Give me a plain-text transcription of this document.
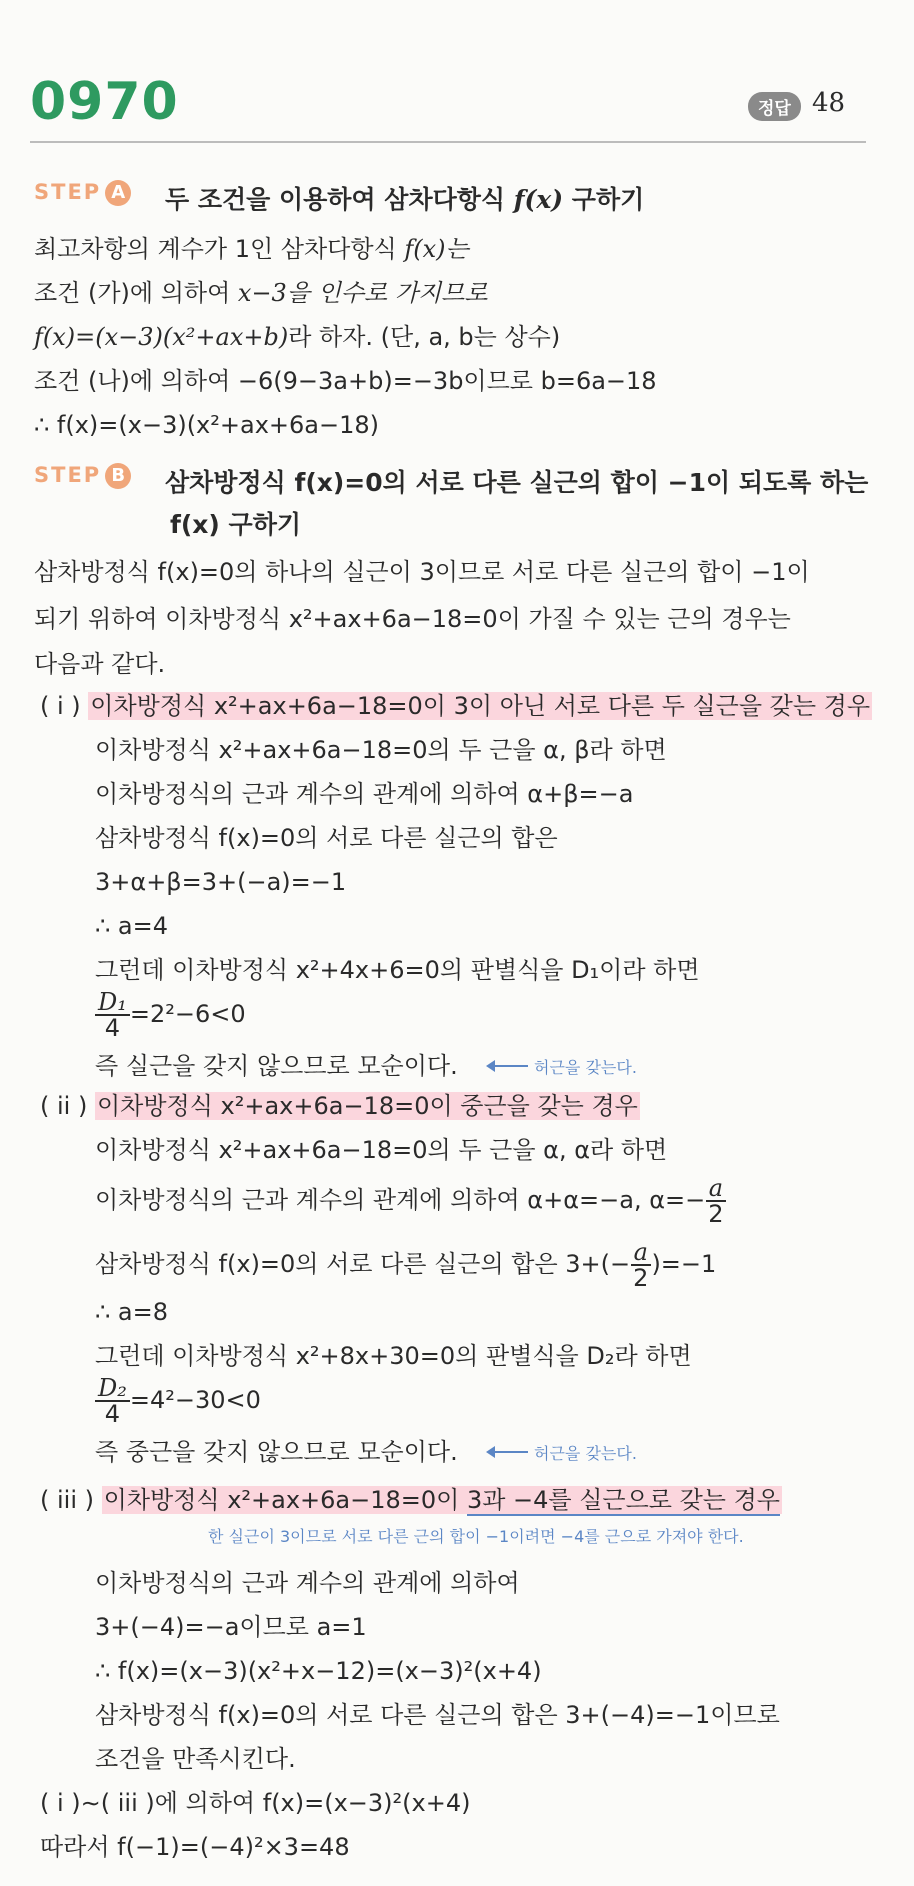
0970	정답 48
STEP A 두 조건을 이용하여 삼차다항식 f(x) 구하기
최고차항의 계수가 1인 삼차다항식 f(x)는
조건 (가)에 의하여 x−3을 인수로 가지므로
f(x)=(x−3)(x²+ax+b)라 하자. (단, a, b는 상수)
조건 (나)에 의하여 −6(9−3a+b)=−3b이므로 b=6a−18
∴ f(x)=(x−3)(x²+ax+6a−18)
STEP B 삼차방정식 f(x)=0의 서로 다른 실근의 합이 −1이 되도록 하는
f(x) 구하기
삼차방정식 f(x)=0의 하나의 실근이 3이므로 서로 다른 실근의 합이 −1이
되기 위하여 이차방정식 x²+ax+6a−18=0이 가질 수 있는 근의 경우는
다음과 같다.
( i ) 이차방정식 x²+ax+6a−18=0이 3이 아닌 서로 다른 두 실근을 갖는 경우
이차방정식 x²+ax+6a−18=0의 두 근을 α, β라 하면
이차방정식의 근과 계수의 관계에 의하여 α+β=−a
삼차방정식 f(x)=0의 서로 다른 실근의 합은
3+α+β=3+(−a)=−1
∴ a=4
그런데 이차방정식 x²+4x+6=0의 판별식을 D₁이라 하면
$\frac{\text{D₁}}{4} =2^2-6<0$
즉 실근을 갖지 않으므로 모순이다.	허근을 갖는다.
( ii ) 이차방정식 x²+ax+6a−18=0이 중근을 갖는 경우
이차방정식 x²+ax+6a−18=0의 두 근을 α, α라 하면
이차방정식의 근과 계수의 관계에 의하여 α+α=−a, $\alpha=- \frac{a}{2}$
삼차방정식 f(x)=0의 서로 다른 실근의 합은 $3+(- \frac{a}{2} )=-1$
∴ a=8
그런데 이차방정식 x²+8x+30=0의 판별식을 D₂라 하면
$\frac{\text{D₂}}{4} =4^2-30<0$
즉 중근을 갖지 않으므로 모순이다.	허근을 갖는다.
( iii ) 이차방정식 x²+ax+6a−18=0이 3과 −4를 실근으로 갖는 경우
한 실근이 3이므로 서로 다른 근의 합이 −1이려면 −4를 근으로 가져야 한다.
이차방정식의 근과 계수의 관계에 의하여
3+(−4)=−a이므로 a=1
∴ f(x)=(x−3)(x²+x−12)=(x−3)²(x+4)
삼차방정식 f(x)=0의 서로 다른 실근의 합은 3+(−4)=−1이므로
조건을 만족시킨다.
( i )∼( iii )에 의하여 f(x)=(x−3)²(x+4)
따라서 f(−1)=(−4)²×3=48
